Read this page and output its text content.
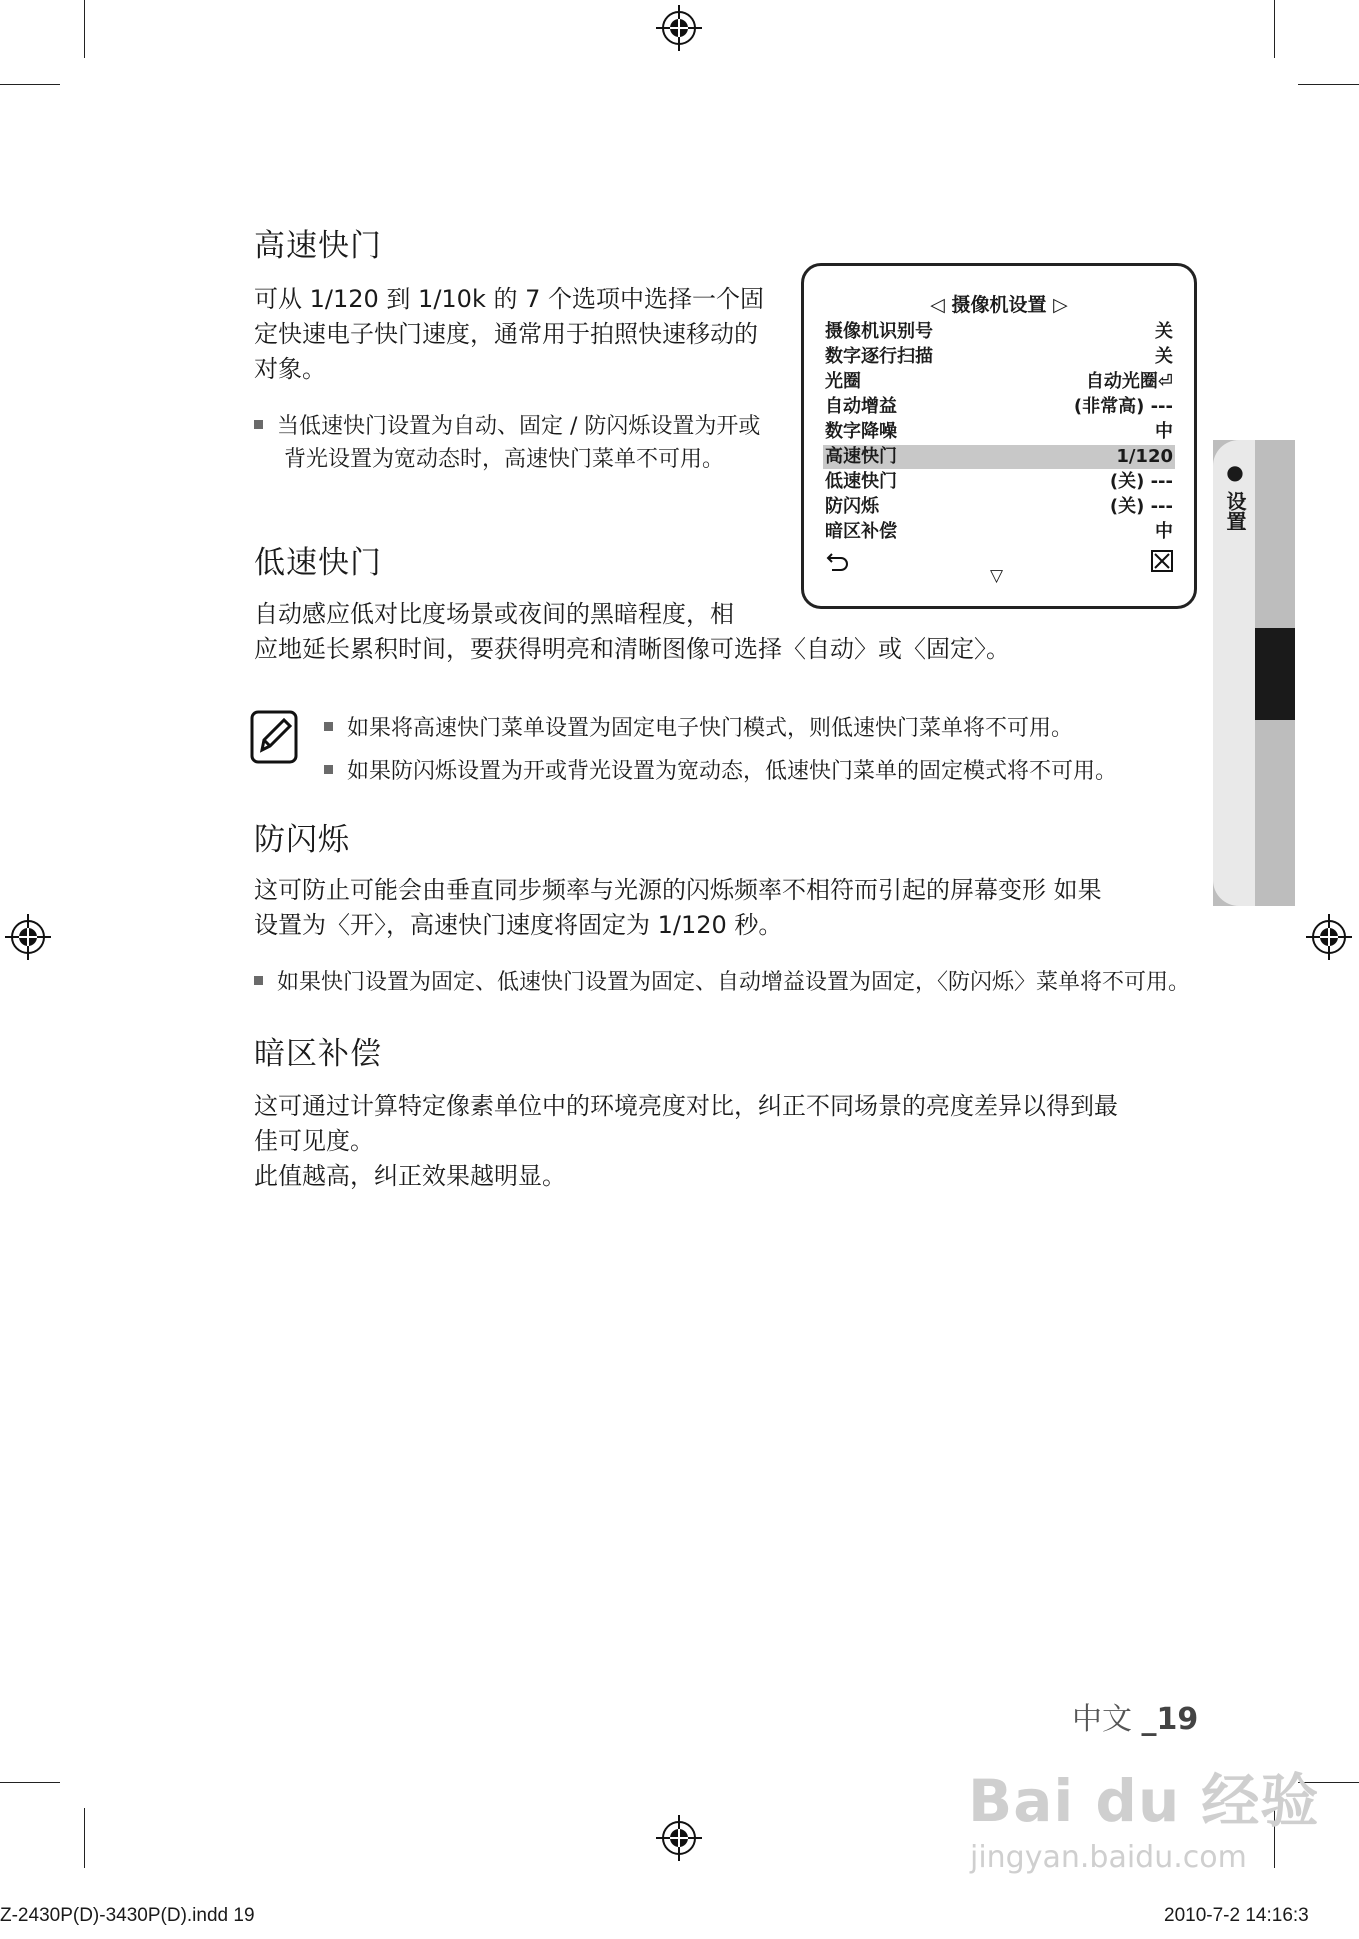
高速快门
可从 1/120 到 1/10k 的 7 个选项中选择一个固
定快速电子快门速度，通常用于拍照快速移动的
对象。
当低速快门设置为自动、固定 / 防闪烁设置为开或
背光设置为宽动态时，高速快门菜单不可用。
◁ 摄像机设置 ▷
摄像机识别号	关
数字逐行扫描	关
光圈	自动光圈⏎
自动增益	(非常高) ---
数字降噪	中
高速快门	1/120
低速快门	(关) ---
防闪烁	(关) ---
暗区补偿	中
▽
● 设置
低速快门
自动感应低对比度场景或夜间的黑暗程度，相
应地延长累积时间，要获得明亮和清晰图像可选择〈自动〉或〈固定〉。
如果将高速快门菜单设置为固定电子快门模式，则低速快门菜单将不可用。
如果防闪烁设置为开或背光设置为宽动态，低速快门菜单的固定模式将不可用。
防闪烁
这可防止可能会由垂直同步频率与光源的闪烁频率不相符而引起的屏幕变形 如果
设置为〈开〉，高速快门速度将固定为 1/120 秒。
如果快门设置为固定、低速快门设置为固定、自动增益设置为固定，〈防闪烁〉菜单将不可用。
暗区补偿
这可通过计算特定像素单位中的环境亮度对比，纠正不同场景的亮度差异以得到最
佳可见度。
此值越高，纠正效果越明显。
中文 _19
Bai du 经验
jingyan.baidu.com
Z-2430P(D)-3430P(D).indd 19	2010-7-2 14:16:3
